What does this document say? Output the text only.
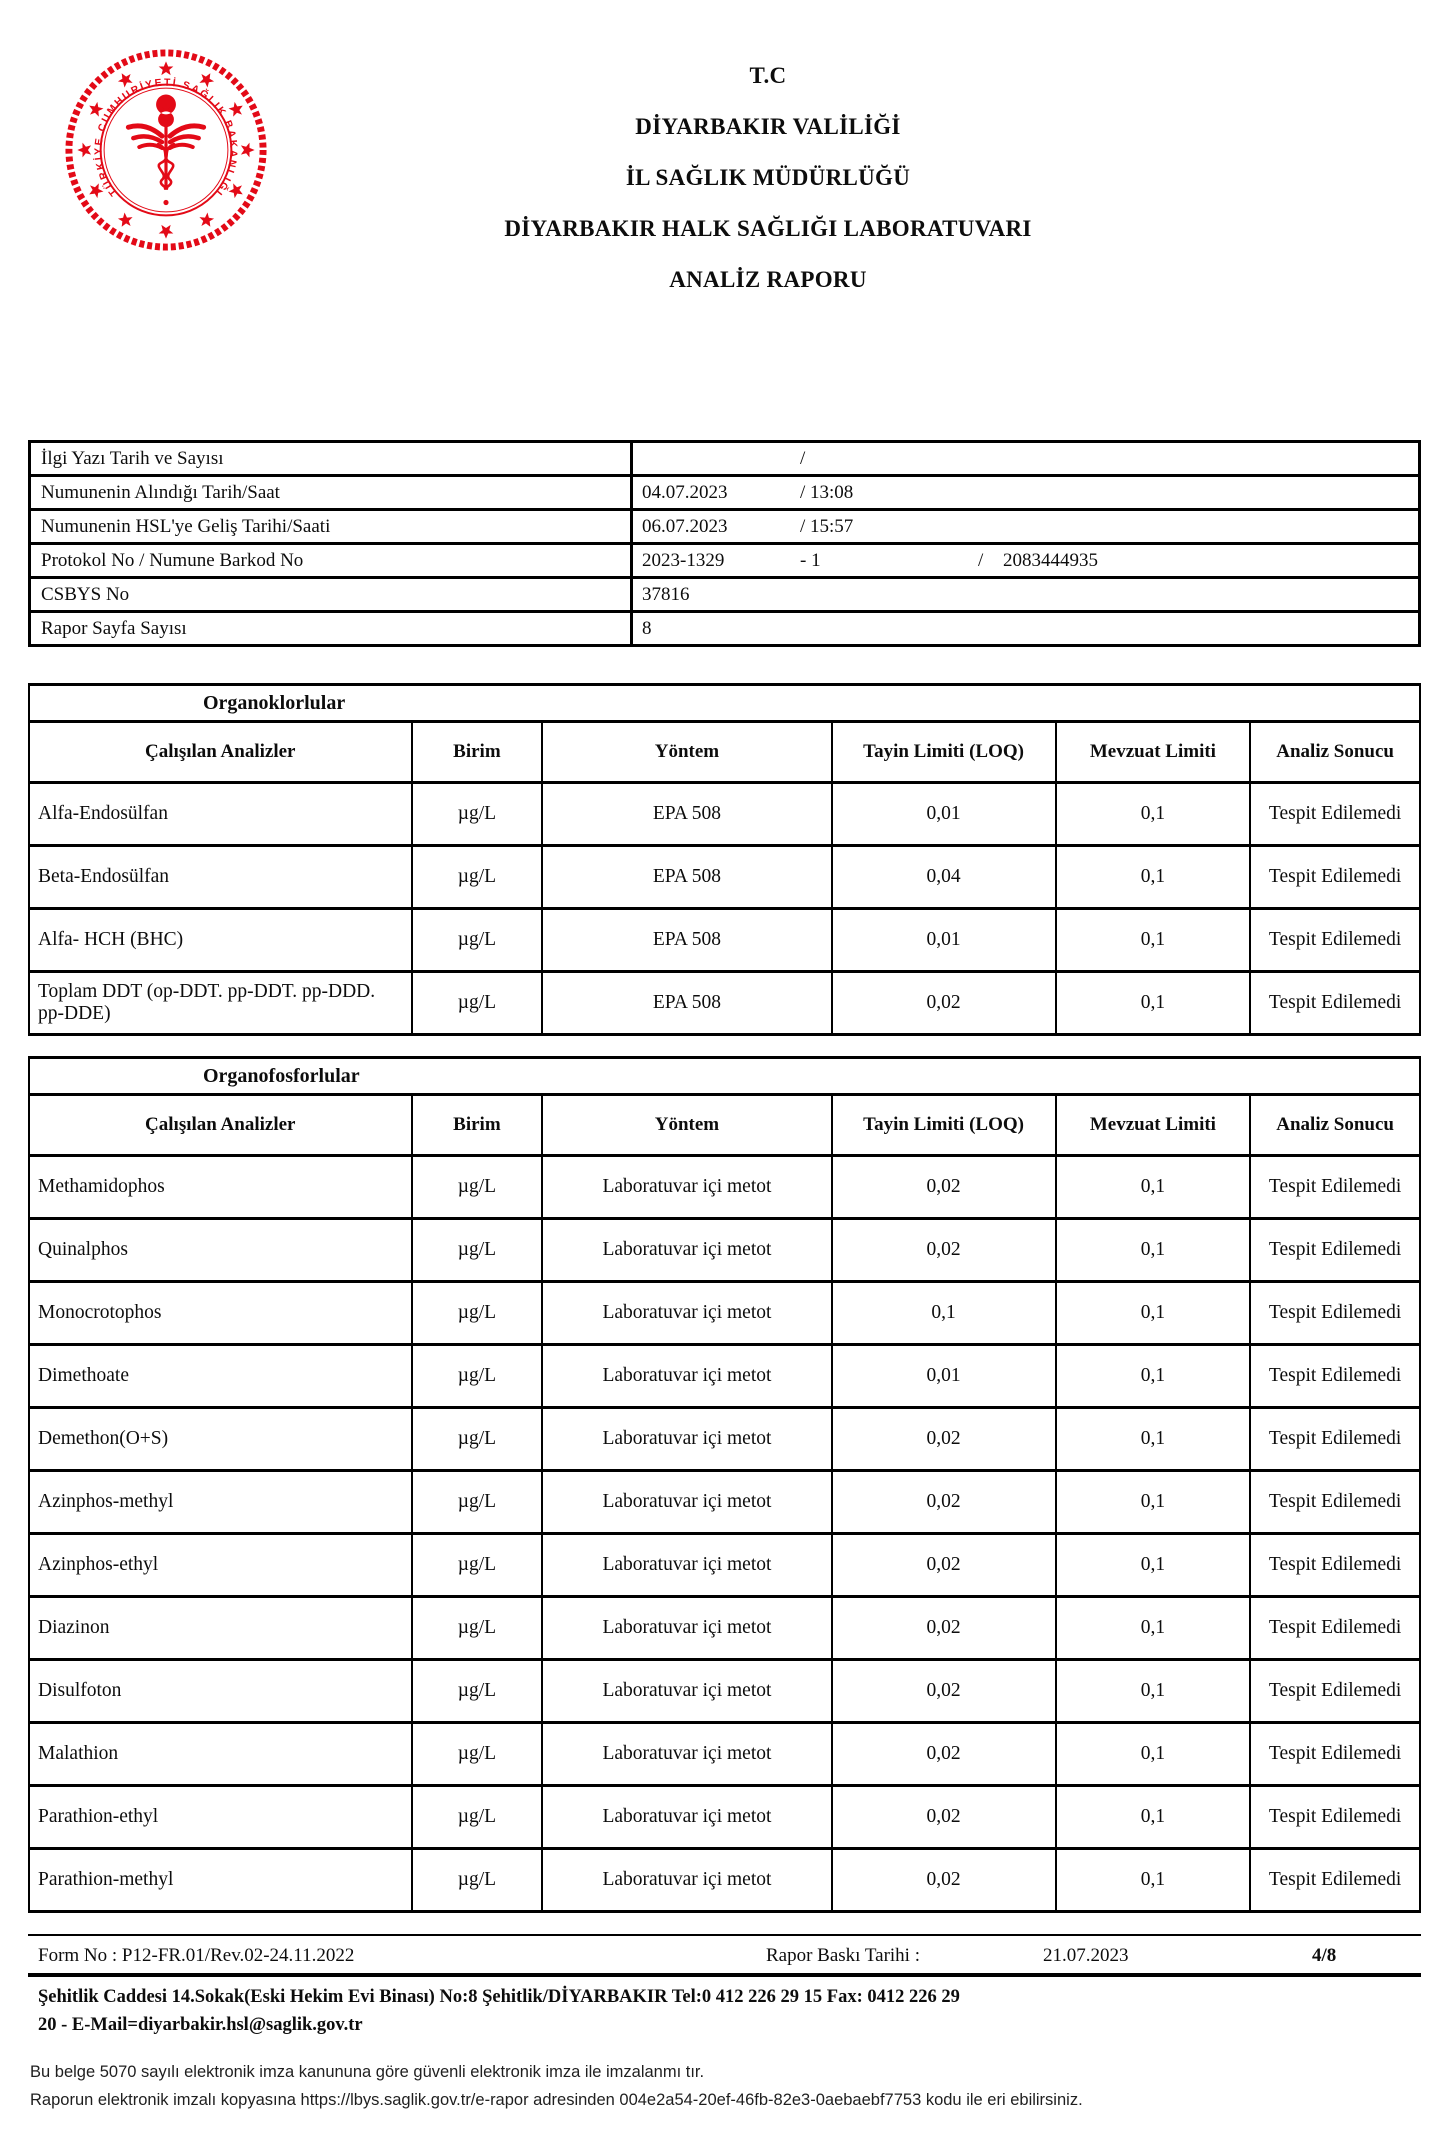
TÜRKİYE CUMHURİYETİ SAĞLIK BAKANLIĞI
T.C
DİYARBAKIR VALİLİĞİ
İL SAĞLIK MÜDÜRLÜĞÜ
DİYARBAKIR HALK SAĞLIĞI LABORATUVARI
ANALİZ RAPORU
İlgi Yazı Tarih ve Sayısı	/
Numunenin Alındığı Tarih/Saat	04.07.2023 / 13:08
Numunenin HSL'ye Geliş Tarihi/Saati	06.07.2023 / 15:57
Protokol No / Numune Barkod No	2023-1329 - 1 / 2083444935
CSBYS No	37816
Rapor Sayfa Sayısı	8
Organoklorlular					
Çalışılan Analizler	Birim	Yöntem	Tayin Limiti (LOQ)	Mevzuat Limiti	Analiz Sonucu
Alfa-Endosülfan	µg/L	EPA 508	0,01	0,1	Tespit Edilemedi
Beta-Endosülfan	µg/L	EPA 508	0,04	0,1	Tespit Edilemedi
Alfa- HCH (BHC)	µg/L	EPA 508	0,01	0,1	Tespit Edilemedi
Toplam DDT (op-DDT. pp-DDT. pp-DDD. pp-DDE)	µg/L	EPA 508	0,02	0,1	Tespit Edilemedi
Organofosforlular					
Çalışılan Analizler	Birim	Yöntem	Tayin Limiti (LOQ)	Mevzuat Limiti	Analiz Sonucu
Methamidophos	µg/L	Laboratuvar içi metot	0,02	0,1	Tespit Edilemedi
Quinalphos	µg/L	Laboratuvar içi metot	0,02	0,1	Tespit Edilemedi
Monocrotophos	µg/L	Laboratuvar içi metot	0,1	0,1	Tespit Edilemedi
Dimethoate	µg/L	Laboratuvar içi metot	0,01	0,1	Tespit Edilemedi
Demethon(O+S)	µg/L	Laboratuvar içi metot	0,02	0,1	Tespit Edilemedi
Azinphos-methyl	µg/L	Laboratuvar içi metot	0,02	0,1	Tespit Edilemedi
Azinphos-ethyl	µg/L	Laboratuvar içi metot	0,02	0,1	Tespit Edilemedi
Diazinon	µg/L	Laboratuvar içi metot	0,02	0,1	Tespit Edilemedi
Disulfoton	µg/L	Laboratuvar içi metot	0,02	0,1	Tespit Edilemedi
Malathion	µg/L	Laboratuvar içi metot	0,02	0,1	Tespit Edilemedi
Parathion-ethyl	µg/L	Laboratuvar içi metot	0,02	0,1	Tespit Edilemedi
Parathion-methyl	µg/L	Laboratuvar içi metot	0,02	0,1	Tespit Edilemedi
Form No : P12-FR.01/Rev.02-24.11.2022	Rapor Baskı Tarihi :	21.07.2023	4/8
Şehitlik Caddesi 14.Sokak(Eski Hekim Evi Binası) No:8 Şehitlik/DİYARBAKIR Tel:0 412 226 29 15 Fax: 0412 226 29 20 - E-Mail=diyarbakir.hsl@saglik.gov.tr
Bu belge 5070 sayılı elektronik imza kanununa göre güvenli elektronik imza ile imzalanmı tır.
Raporun elektronik imzalı kopyasına https://lbys.saglik.gov.tr/e-rapor adresinden 004e2a54-20ef-46fb-82e3-0aebaebf7753 kodu ile eri ebilirsiniz.
